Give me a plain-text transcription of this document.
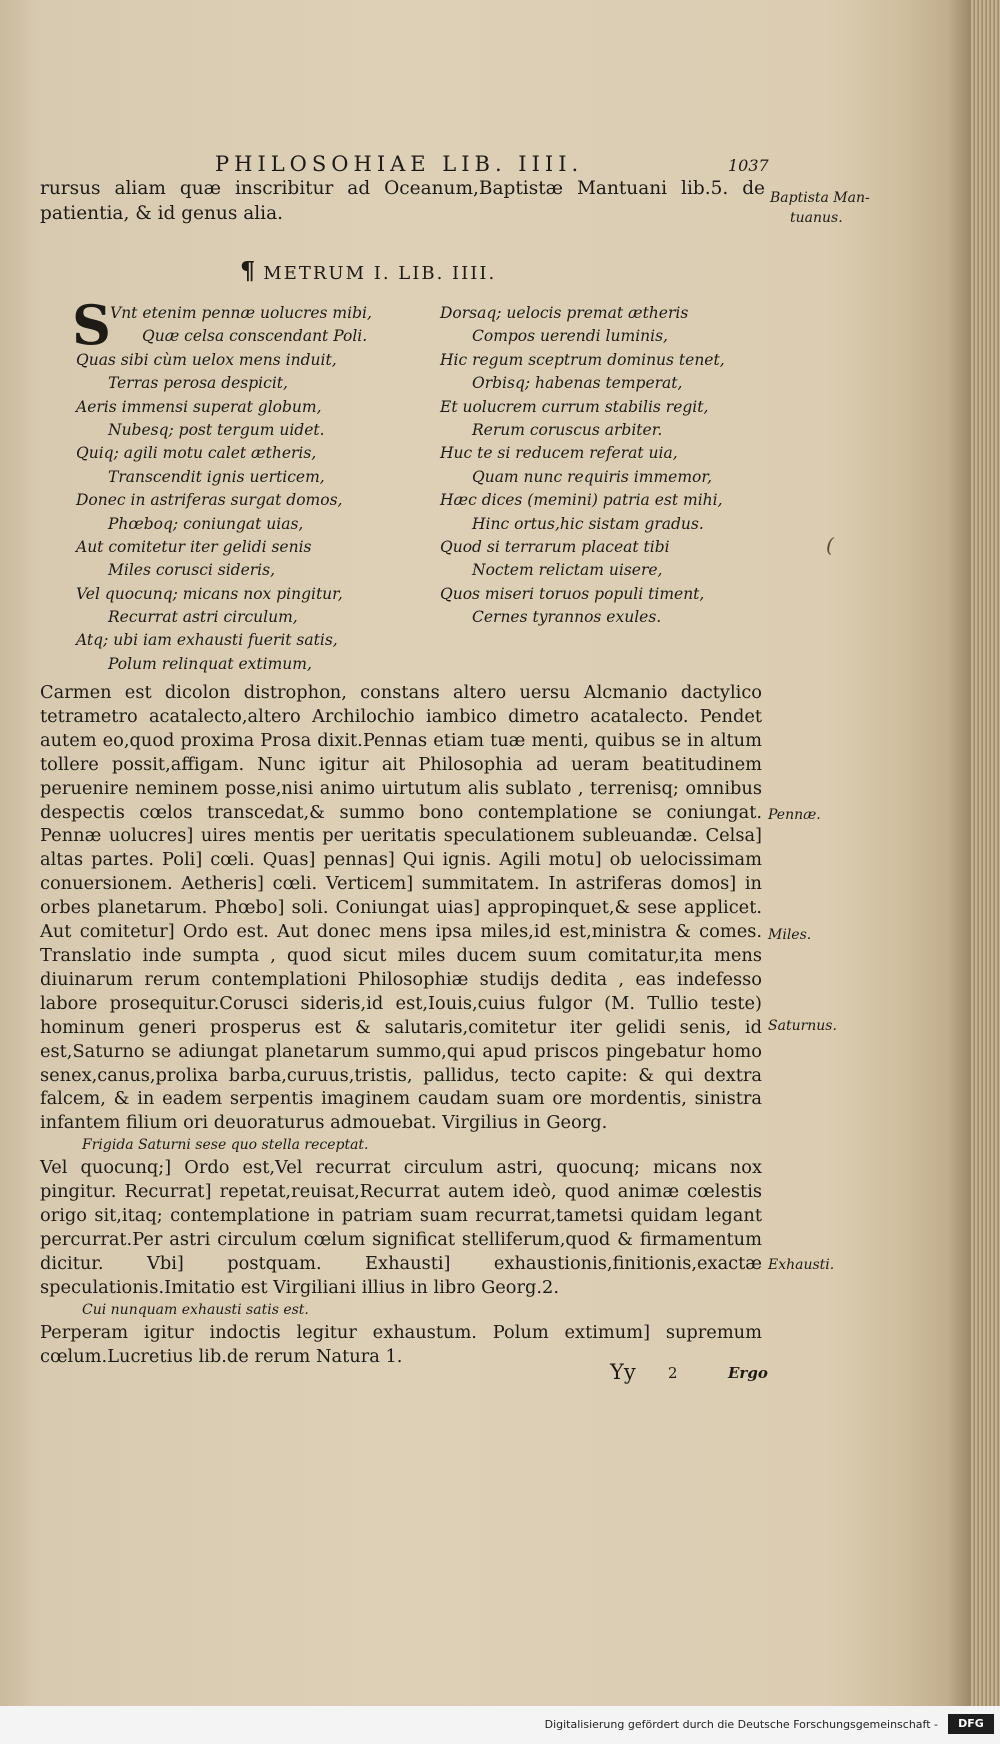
PHILOSOHIAE LIB. IIII.	1037
rursus aliam quæ inscribitur ad Oceanum,Baptistæ Mantuani lib.5. de patientia, & id genus alia.
Baptista Man-
tuanus.
¶ METRUM I. LIB. IIII.
S Vnt etenim pennæ uolucres mibi,
Quæ celsa conscendant Poli.
Quas sibi cùm uelox mens induit,
Terras perosa despicit,
Aeris immensi superat globum,
Nubesq; post tergum uidet.
Quiq; agili motu calet ætheris,
Transcendit ignis uerticem,
Donec in astriferas surgat domos,
Phœboq; coniungat uias,
Aut comitetur iter gelidi senis
Miles corusci sideris,
Vel quocunq; micans nox pingitur,
Recurrat astri circulum,
Atq; ubi iam exhausti fuerit satis,
Polum relinquat extimum,
Dorsaq; uelocis premat ætheris
Compos uerendi luminis,
Hic regum sceptrum dominus tenet,
Orbisq; habenas temperat,
Et uolucrem currum stabilis regit,
Rerum coruscus arbiter.
Huc te si reducem referat uia,
Quam nunc requiris immemor,
Hæc dices (memini) patria est mihi,
Hinc ortus,hic sistam gradus.
Quod si terrarum placeat tibi
Noctem relictam uisere,
Quos miseri toruos populi timent,
Cernes tyrannos exules.
(

Carmen est dicolon distrophon, constans altero uersu Alcmanio dactylico tetrametro acatalecto,altero Archilochio iambico dimetro acatalecto. Pendet autem eo,quod proxima Prosa dixit.Pennas etiam tuæ menti, quibus se in altum tollere possit,affigam. Nunc igitur ait Philosophia ad ueram beatitudinem peruenire neminem posse,nisi animo uirtutum alis sublato , terrenisq; omnibus despectis cœlos transcedat,& summo bono contemplatione se coniungat. Pennæ uolucres] uires mentis per ueritatis speculationem subleuandæ. Celsa] altas partes. Poli] cœli. Quas] pennas] Qui ignis. Agili motu] ob uelocissimam conuersionem. Aetheris] cœli. Verticem] summitatem. In astriferas domos] in orbes planetarum. Phœbo] soli. Coniungat uias] appropinquet,& sese applicet. Aut comitetur] Ordo est. Aut donec mens ipsa miles,id est,ministra & comes. Translatio inde sumpta , quod sicut miles ducem suum comitatur,ita mens diuinarum rerum contemplationi Philosophiæ studijs dedita , eas indefesso labore prosequitur.Corusci sideris,id est,Iouis,cuius fulgor (M. Tullio teste) hominum generi prosperus est & salutaris,comitetur iter gelidi senis, id est,Saturno se adiungat planetarum summo,qui apud priscos pingebatur homo senex,canus,prolixa barba,curuus,tristis, pallidus, tecto capite: & qui dextra falcem, & in eadem serpentis imaginem caudam suam ore mordentis, sinistra infantem filium ori deuoraturus admouebat. Virgilius in Georg.

Frigida Saturni sese quo stella receptat.

Vel quocunq;] Ordo est,Vel recurrat circulum astri, quocunq; micans nox pingitur. Recurrat] repetat,reuisat,Recurrat autem ideò, quod animæ cœlestis origo sit,itaq; contemplatione in patriam suam recurrat,tametsi quidam legant percurrat.Per astri circulum cœlum significat stelliferum,quod & firmamentum dicitur. Vbi] postquam. Exhausti] exhaustionis,finitionis,exactæ speculationis.Imitatio est Virgiliani illius in libro Georg.2.

Cui nunquam exhausti satis est.

Perperam igitur indoctis legitur exhaustum. Polum extimum] supremum cœlum.Lucretius lib.de rerum Natura 1.

Pennæ.
Miles.
Saturnus.
Exhausti.
Yy 2	Ergo
Digitalisierung gefördert durch die Deutsche Forschungsgemeinschaft -	DFG
